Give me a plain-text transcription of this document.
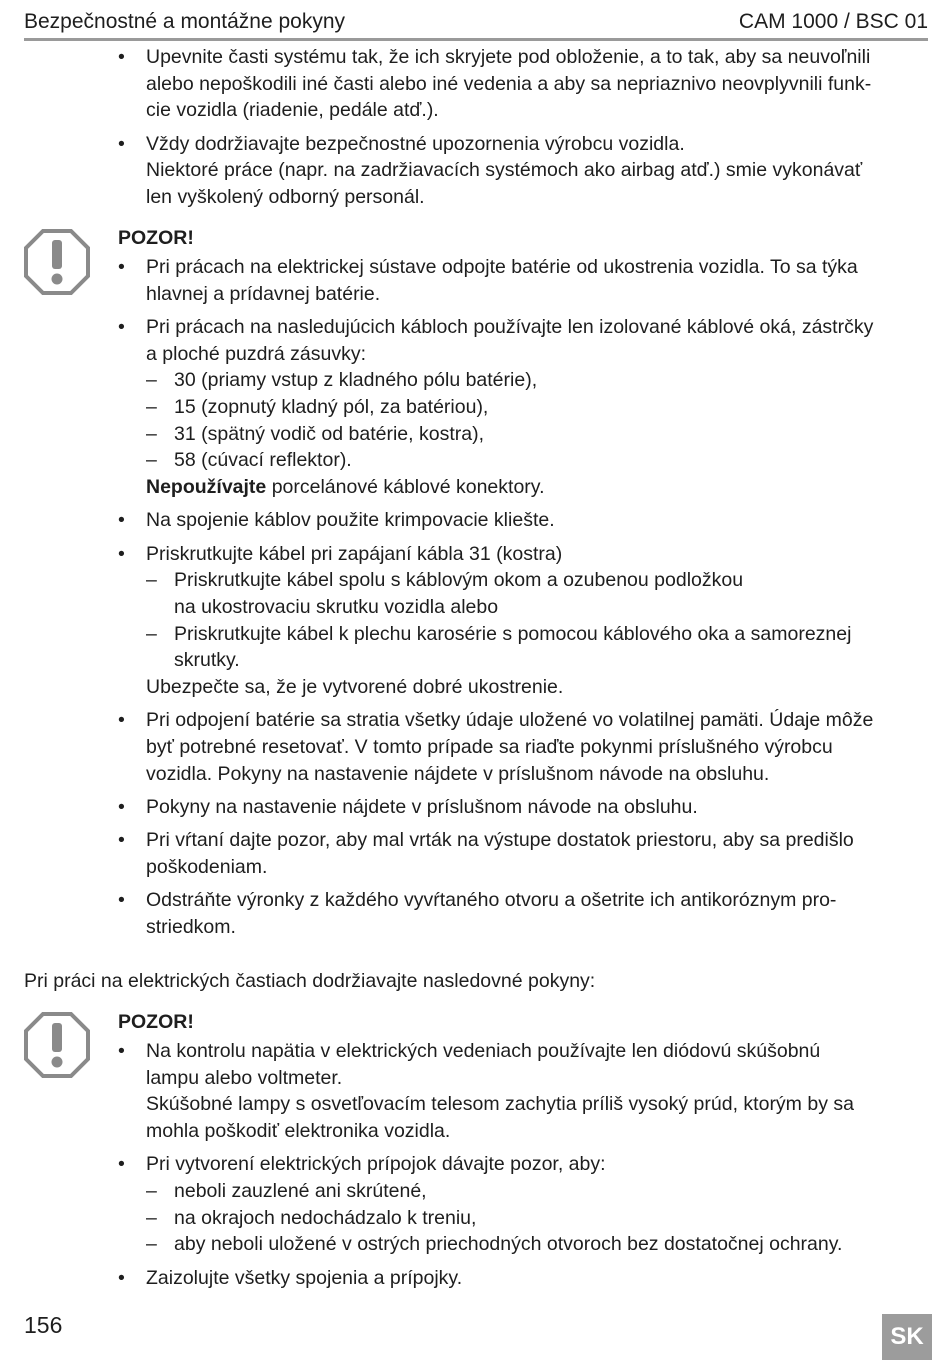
Bezpečnostné a montážne pokyny	CAM 1000 / BSC 01
• Upevnite časti systému tak, že ich skryjete pod obloženie, a to tak, aby sa neuvoľnili
alebo nepoškodili iné časti alebo iné vedenia a aby sa nepriaznivo neovplyvnili funk-
cie vozidla (riadenie, pedále atď.).
• Vždy dodržiavajte bezpečnostné upozornenia výrobcu vozidla.
Niektoré práce (napr. na zadržiavacích systémoch ako airbag atď.) smie vykonávať
len vyškolený odborný personál.
POZOR!
• Pri prácach na elektrickej sústave odpojte batérie od ukostrenia vozidla. To sa týka
hlavnej a prídavnej batérie.
• Pri prácach na nasledujúcich kábloch používajte len izolované káblové oká, zástrčky
a ploché puzdrá zásuvky:
– 30 (priamy vstup z kladného pólu batérie),
– 15 (zopnutý kladný pól, za batériou),
– 31 (spätný vodič od batérie, kostra),
– 58 (cúvací reflektor).
Nepoužívajte porcelánové káblové konektory.
• Na spojenie káblov použite krimpovacie kliešte.
• Priskrutkujte kábel pri zapájaní kábla 31 (kostra)
– Priskrutkujte kábel spolu s káblovým okom a ozubenou podložkou
na ukostrovaciu skrutku vozidla alebo
– Priskrutkujte kábel k plechu karosérie s pomocou káblového oka a samoreznej
skrutky.
Ubezpečte sa, že je vytvorené dobré ukostrenie.
• Pri odpojení batérie sa stratia všetky údaje uložené vo volatilnej pamäti. Údaje môže
byť potrebné resetovať. V tomto prípade sa riaďte pokynmi príslušného výrobcu
vozidla. Pokyny na nastavenie nájdete v príslušnom návode na obsluhu.
• Pokyny na nastavenie nájdete v príslušnom návode na obsluhu.
• Pri vŕtaní dajte pozor, aby mal vrták na výstupe dostatok priestoru, aby sa predišlo
poškodeniam.
• Odstráňte výronky z každého vyvŕtaného otvoru a ošetrite ich antikoróznym pro-
striedkom.
Pri práci na elektrických častiach dodržiavajte nasledovné pokyny:
POZOR!
• Na kontrolu napätia v elektrických vedeniach používajte len diódovú skúšobnú
lampu alebo voltmeter.
Skúšobné lampy s osvetľovacím telesom zachytia príliš vysoký prúd, ktorým by sa
mohla poškodiť elektronika vozidla.
• Pri vytvorení elektrických prípojok dávajte pozor, aby:
– neboli zauzlené ani skrútené,
– na okrajoch nedochádzalo k treniu,
– aby neboli uložené v ostrých priechodných otvoroch bez dostatočnej ochrany.
• Zaizolujte všetky spojenia a prípojky.
156	SK
